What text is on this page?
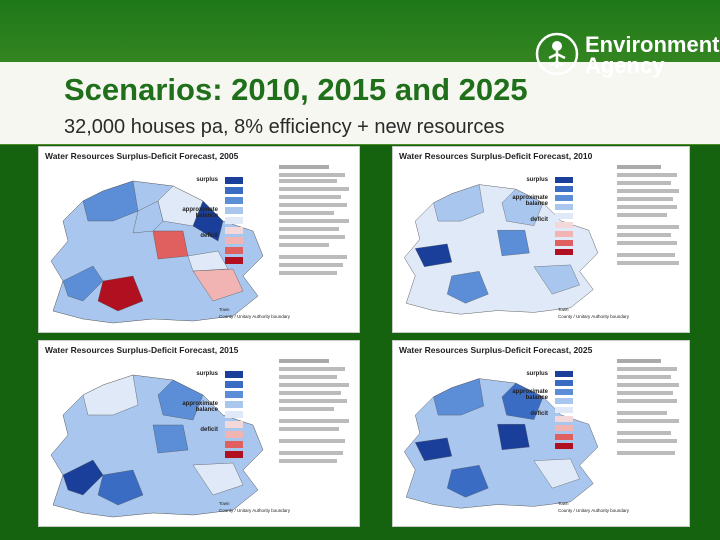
Environment
Agency
Scenarios: 2010, 2015 and 2025
32,000 houses pa, 8% efficiency + new resources
Water Resources Surplus-Deficit Forecast, 2005
surplus
approximate balance
deficit
Town
County / Unitary Authority boundary
Water Resources Surplus-Deficit Forecast, 2010
surplus
approximate balance
deficit
Town
County / Unitary Authority boundary
Water Resources Surplus-Deficit Forecast, 2015
surplus
approximate balance
deficit
Town
County / Unitary Authority boundary
Water Resources Surplus-Deficit Forecast, 2025
surplus
approximate balance
deficit
Town
County / Unitary Authority boundary
